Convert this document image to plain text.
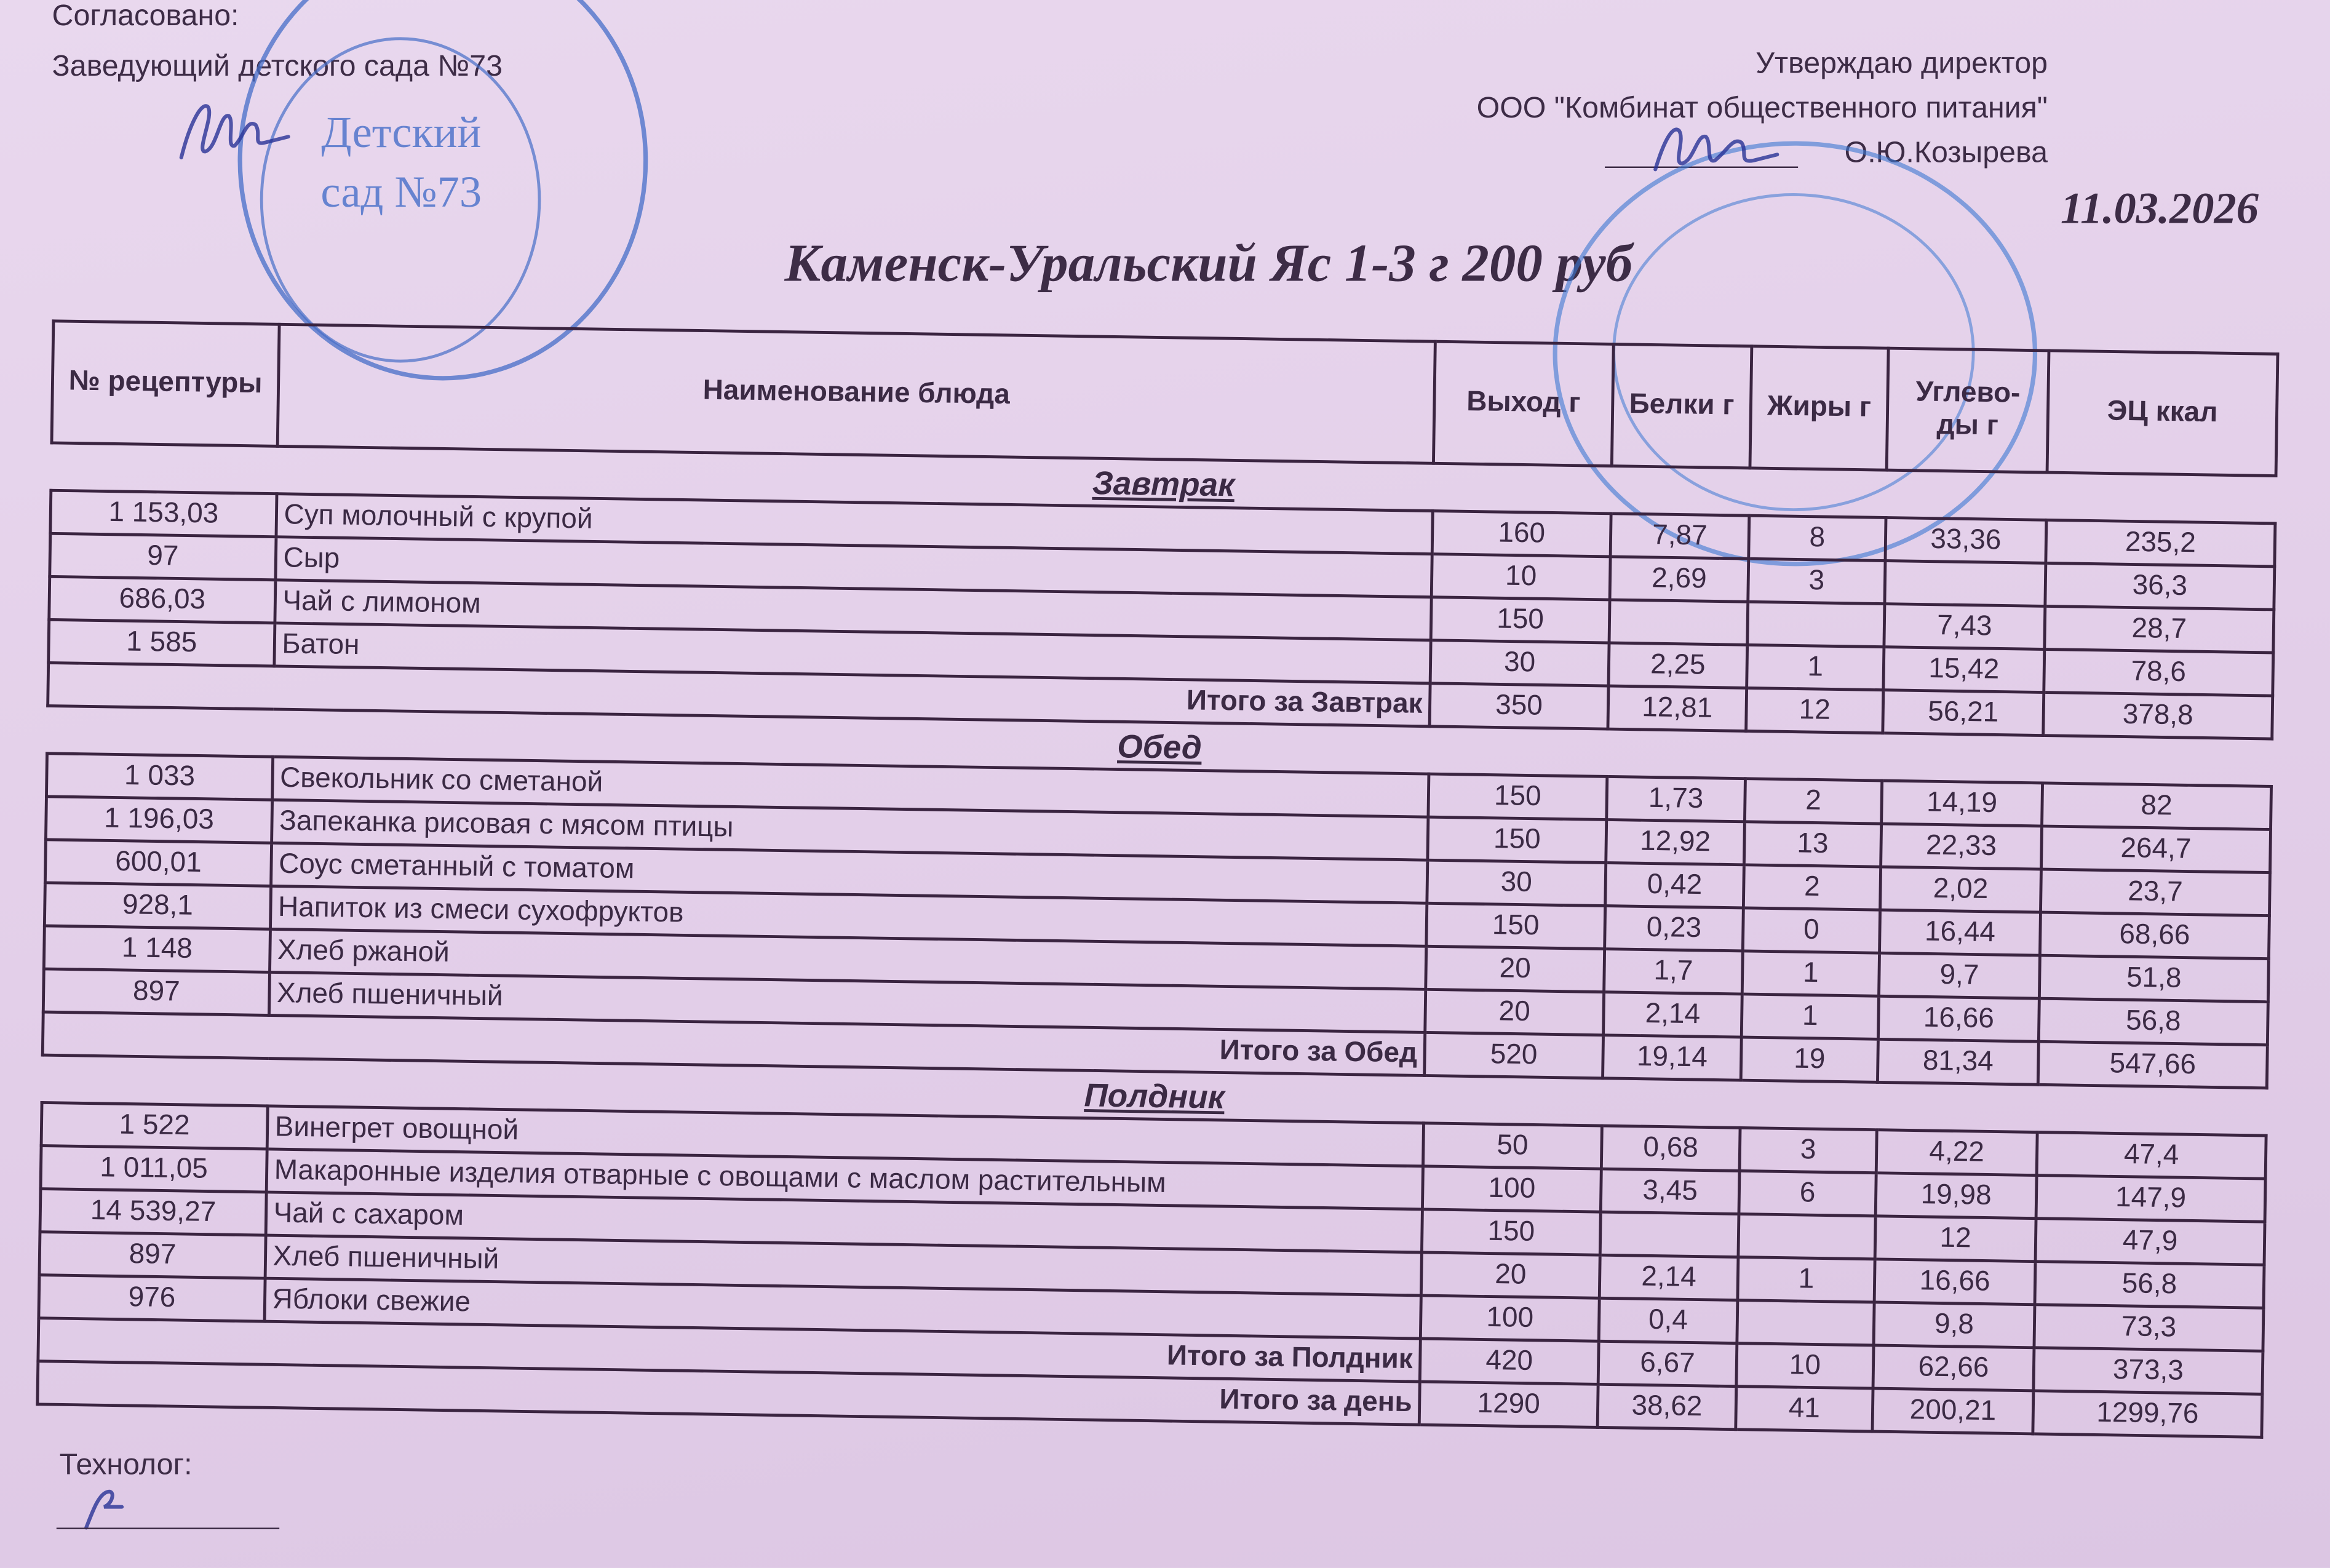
Согласовано:
Заведующий детского сада №73	Утверждаю директор
ООО "Комбинат общественного питания"
О.Ю.Козырева
11.03.2026
Каменск-Уральский Яс 1-3 г 200 руб
Детский
сад №73
№ рецептуры	Наименование блюда	Выход г	Белки г	Жиры г	Углево-ды г	ЭЦ ккал
Завтрак						
1 153,03	Суп молочный с крупой	160	7,87	8	33,36	235,2
97	Сыр	10	2,69	3		36,3
686,03	Чай с лимоном	150			7,43	28,7
1 585	Батон	30	2,25	1	15,42	78,6
Итого за Завтрак		350	12,81	12	56,21	378,8
Обед						
1 033	Свекольник со сметаной	150	1,73	2	14,19	82
1 196,03	Запеканка рисовая с мясом птицы	150	12,92	13	22,33	264,7
600,01	Соус сметанный с томатом	30	0,42	2	2,02	23,7
928,1	Напиток из смеси сухофруктов	150	0,23	0	16,44	68,66
1 148	Хлеб ржаной	20	1,7	1	9,7	51,8
897	Хлеб пшеничный	20	2,14	1	16,66	56,8
Итого за Обед		520	19,14	19	81,34	547,66
Полдник						
1 522	Винегрет овощной	50	0,68	3	4,22	47,4
1 011,05	Макаронные изделия отварные с овощами с маслом растительным	100	3,45	6	19,98	147,9
14 539,27	Чай с сахаром	150			12	47,9
897	Хлеб пшеничный	20	2,14	1	16,66	56,8
976	Яблоки свежие	100	0,4		9,8	73,3
Итого за Полдник		420	6,67	10	62,66	373,3
Итого за день		1290	38,62	41	200,21	1299,76
Технолог:
